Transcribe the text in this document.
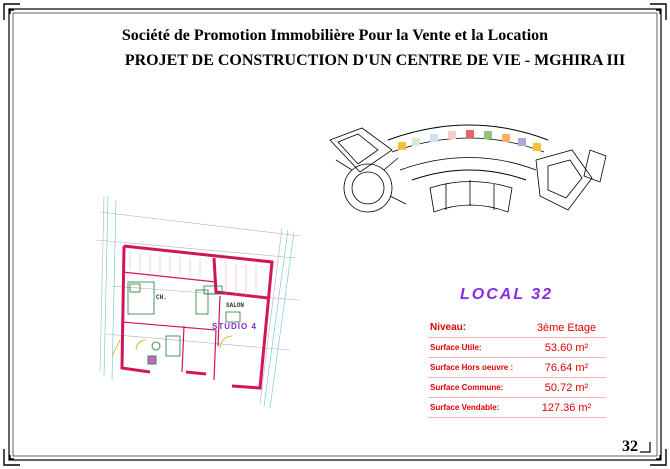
CH.
SALON
STUDIO 4
Société de Promotion Immobilière Pour la Vente et la Location
PROJET DE CONSTRUCTION D'UN CENTRE DE VIE - MGHIRA III
LOCAL 32
Niveau:	3ème Etage
Surface Utile:	53.60 m²
Surface Hors oeuvre :	76.64 m²
Surface Commune:	50.72 m²
Surface Vendable:	127.36 m²
32
